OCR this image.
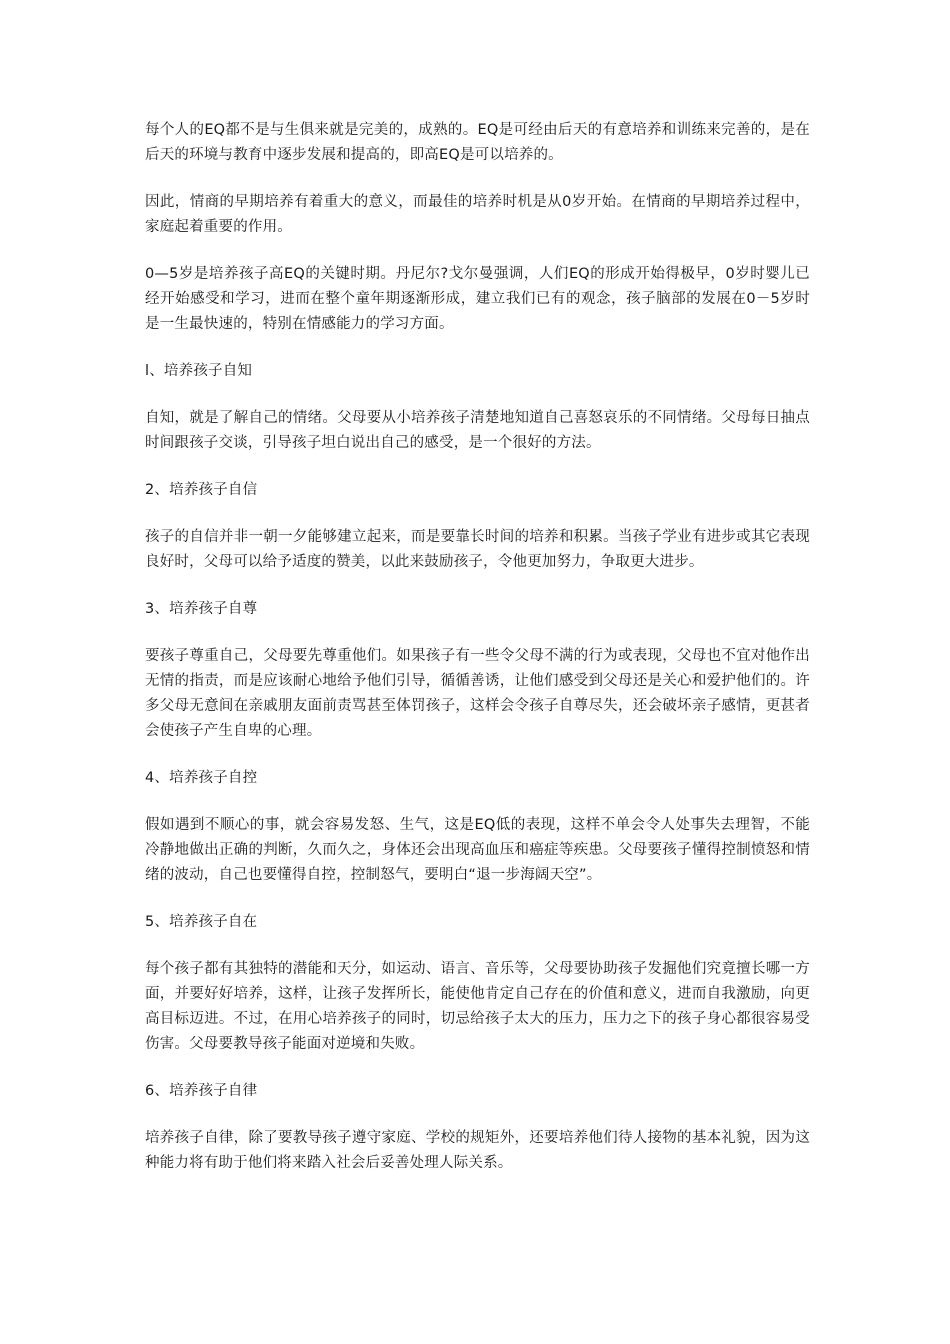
每个人的EQ都不是与生俱来就是完美的，成熟的。EQ是可经由后天的有意培养和训练来完善的，是在后天的环境与教育中逐步发展和提高的，即高EQ是可以培养的。

因此，情商的早期培养有着重大的意义，而最佳的培养时机是从0岁开始。在情商的早期培养过程中，家庭起着重要的作用。

0—5岁是培养孩子高EQ的关键时期。丹尼尔?戈尔曼强调，人们EQ的形成开始得极早，0岁时婴儿已经开始感受和学习，进而在整个童年期逐渐形成，建立我们已有的观念，孩子脑部的发展在0－5岁时是一生最快速的，特别在情感能力的学习方面。

l、培养孩子自知

自知，就是了解自己的情绪。父母要从小培养孩子清楚地知道自己喜怒哀乐的不同情绪。父母每日抽点时间跟孩子交谈，引导孩子坦白说出自己的感受，是一个很好的方法。

2、培养孩子自信

孩子的自信并非一朝一夕能够建立起来，而是要靠长时间的培养和积累。当孩子学业有进步或其它表现良好时，父母可以给予适度的赞美，以此来鼓励孩子，令他更加努力，争取更大进步。

3、培养孩子自尊

要孩子尊重自己，父母要先尊重他们。如果孩子有一些令父母不满的行为或表现，父母也不宜对他作出无情的指责，而是应该耐心地给予他们引导，循循善诱，让他们感受到父母还是关心和爱护他们的。许多父母无意间在亲戚朋友面前责骂甚至体罚孩子，这样会令孩子自尊尽失，还会破坏亲子感情，更甚者会使孩子产生自卑的心理。

4、培养孩子自控

假如遇到不顺心的事，就会容易发怒、生气，这是EQ低的表现，这样不单会令人处事失去理智，不能冷静地做出正确的判断，久而久之，身体还会出现高血压和癌症等疾患。父母要孩子懂得控制愤怒和情绪的波动，自己也要懂得自控，控制怒气，要明白“退一步海阔天空”。

5、培养孩子自在

每个孩子都有其独特的潜能和天分，如运动、语言、音乐等，父母要协助孩子发掘他们究竟擅长哪一方面，并要好好培养，这样，让孩子发挥所长，能使他肯定自己存在的价值和意义，进而自我激励，向更高目标迈进。不过，在用心培养孩子的同时，切忌给孩子太大的压力，压力之下的孩子身心都很容易受伤害。父母要教导孩子能面对逆境和失败。

6、培养孩子自律

培养孩子自律，除了要教导孩子遵守家庭、学校的规矩外，还要培养他们待人接物的基本礼貌，因为这种能力将有助于他们将来踏入社会后妥善处理人际关系。
